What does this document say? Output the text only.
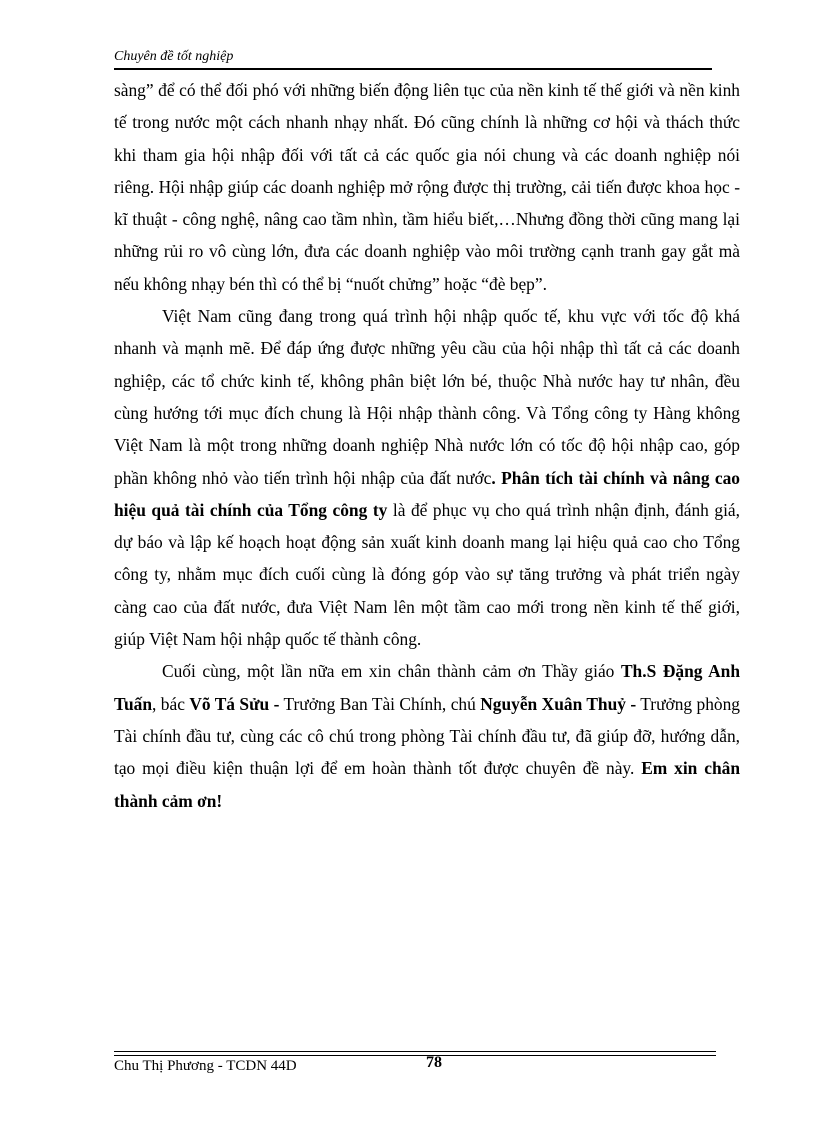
Chuyên đề tốt nghiệp

sàng” để có thể đối phó với những biến động liên tục của nền kinh tế thế giới và nền kinh tế trong nước một cách nhanh nhạy nhất. Đó cũng chính là những cơ hội và thách thức khi tham gia hội nhập đối với tất cả các quốc gia nói chung và các doanh nghiệp nói riêng. Hội nhập giúp các doanh nghiệp mở rộng được thị trường, cải tiến được khoa học - kĩ thuật - công nghệ, nâng cao tầm nhìn, tầm hiểu biết,…Nhưng đồng thời cũng mang lại những rủi ro vô cùng lớn, đưa các doanh nghiệp vào môi trường cạnh tranh gay gắt mà nếu không nhạy bén thì có thể bị “nuốt chửng” hoặc “đè bẹp”.

Việt Nam cũng đang trong quá trình hội nhập quốc tế, khu vực với tốc độ khá nhanh và mạnh mẽ. Để đáp ứng được những yêu cầu của hội nhập thì tất cả các doanh nghiệp, các tổ chức kinh tế, không phân biệt lớn bé, thuộc Nhà nước hay tư nhân, đều cùng hướng tới mục đích chung là Hội nhập thành công. Và Tổng công ty Hàng không Việt Nam là một trong những doanh nghiệp Nhà nước lớn có tốc độ hội nhập cao, góp phần không nhỏ vào tiến trình hội nhập của đất nước. Phân tích tài chính và nâng cao hiệu quả tài chính của Tổng công ty là để phục vụ cho quá trình nhận định, đánh giá, dự báo và lập kế hoạch hoạt động sản xuất kinh doanh mang lại hiệu quả cao cho Tổng công ty, nhằm mục đích cuối cùng là đóng góp vào sự tăng trưởng và phát triển ngày càng cao của đất nước, đưa Việt Nam lên một tầm cao mới trong nền kinh tế thế giới, giúp Việt Nam hội nhập quốc tế thành công.

Cuối cùng, một lần nữa em xin chân thành cảm ơn Thầy giáo Th.S Đặng Anh Tuấn, bác Võ Tá Sửu - Trưởng Ban Tài Chính, chú Nguyễn Xuân Thuỷ - Trưởng phòng Tài chính đầu tư, cùng các cô chú trong phòng Tài chính đầu tư, đã giúp đỡ, hướng dẫn, tạo mọi điều kiện thuận lợi để em hoàn thành tốt được chuyên đề này. Em xin chân thành cảm ơn!

Chu Thị Phương - TCDN 44D	78
